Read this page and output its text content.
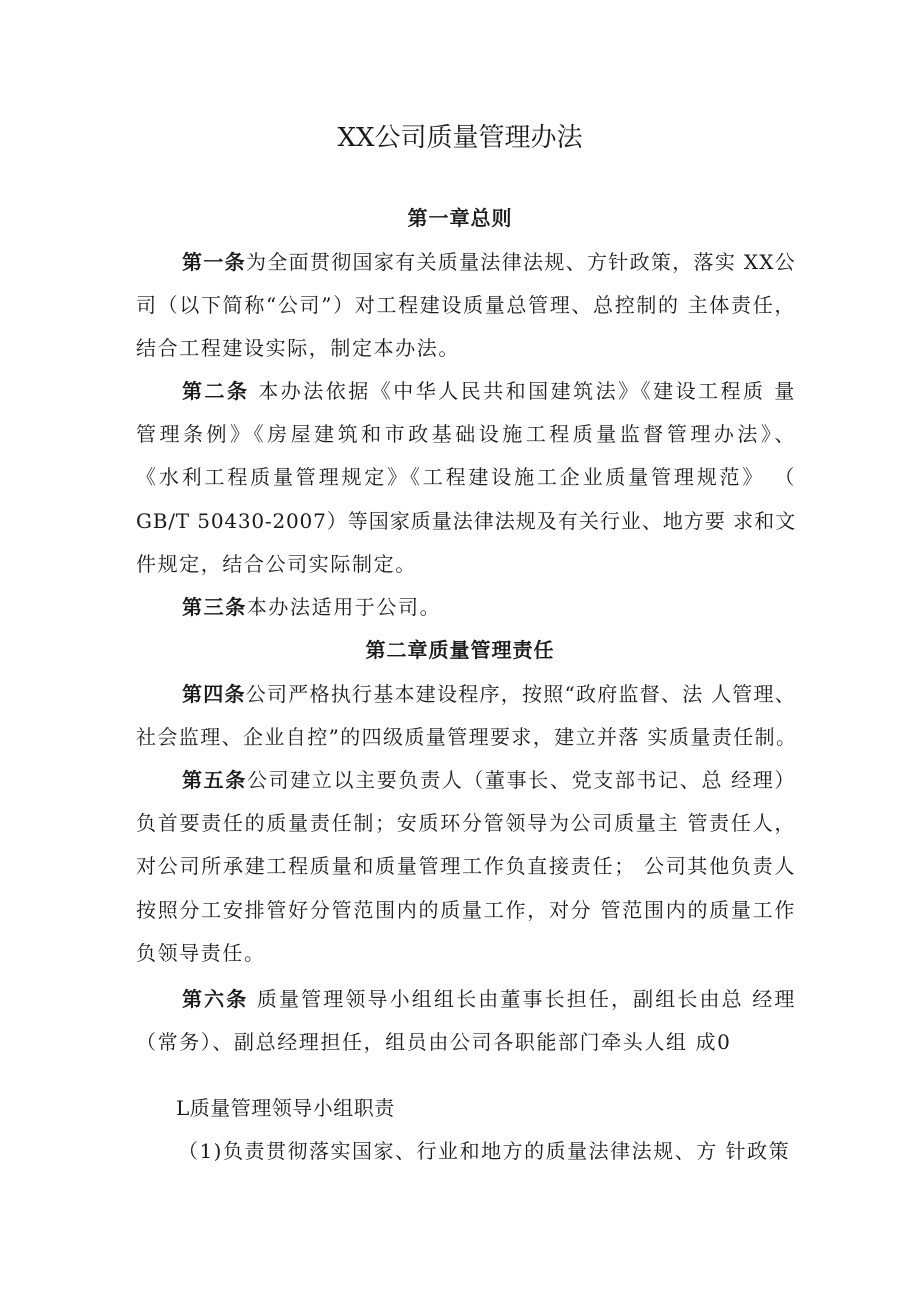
XX公司质量管理办法
第一章总则
第一条为全面贯彻国家有关质量法律法规、方针政策，落实 XX公
司（以下简称“公司”）对工程建设质量总管理、总控制的 主体责任，
结合工程建设实际，制定本办法。
第二条 本办法依据《中华人民共和国建筑法》《建设工程质 量
管理条例》《房屋建筑和市政基础设施工程质量监督管理办法》、
《水利工程质量管理规定》《工程建设施工企业质量管理规范》 （
GB/T 50430-2007）等国家质量法律法规及有关行业、地方要 求和文
件规定，结合公司实际制定。
第三条本办法适用于公司。
第二章质量管理责任
第四条公司严格执行基本建设程序，按照“政府监督、法 人管理、
社会监理、企业自控”的四级质量管理要求，建立并落 实质量责任制。
第五条公司建立以主要负责人（董事长、党支部书记、总 经理）
负首要责任的质量责任制；安质环分管领导为公司质量主 管责任人，
对公司所承建工程质量和质量管理工作负直接责任； 公司其他负责人
按照分工安排管好分管范围内的质量工作，对分 管范围内的质量工作
负领导责任。
第六条 质量管理领导小组组长由董事长担任，副组长由总 经理
（常务）、副总经理担任，组员由公司各职能部门牵头人组 成0
L质量管理领导小组职责
（1)负责贯彻落实国家、行业和地方的质量法律法规、方 针政策
